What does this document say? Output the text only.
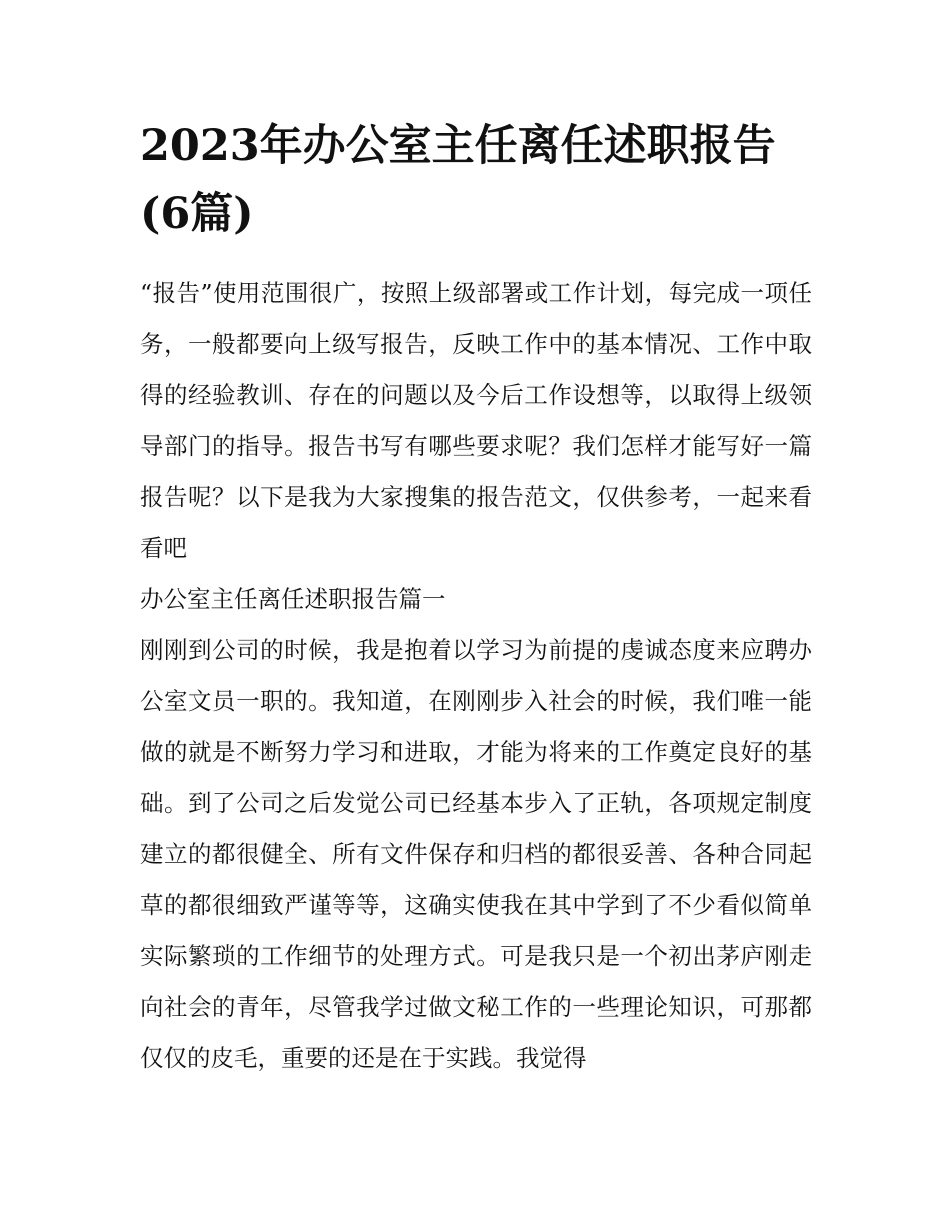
2023年办公室主任离任述职报告(6篇)

“报告”使用范围很广，按照上级部署或工作计划，每完成一项任务，一般都要向上级写报告，反映工作中的基本情况、工作中取得的经验教训、存在的问题以及今后工作设想等，以取得上级领导部门的指导。报告书写有哪些要求呢？我们怎样才能写好一篇报告呢？以下是我为大家搜集的报告范文，仅供参考，一起来看看吧

办公室主任离任述职报告篇一

刚刚到公司的时候，我是抱着以学习为前提的虔诚态度来应聘办公室文员一职的。我知道，在刚刚步入社会的时候，我们唯一能做的就是不断努力学习和进取，才能为将来的工作奠定良好的基础。到了公司之后发觉公司已经基本步入了正轨，各项规定制度建立的都很健全、所有文件保存和归档的都很妥善、各种合同起草的都很细致严谨等等，这确实使我在其中学到了不少看似简单实际繁琐的工作细节的处理方式。可是我只是一个初出茅庐刚走向社会的青年，尽管我学过做文秘工作的一些理论知识，可那都仅仅的皮毛，重要的还是在于实践。我觉得
